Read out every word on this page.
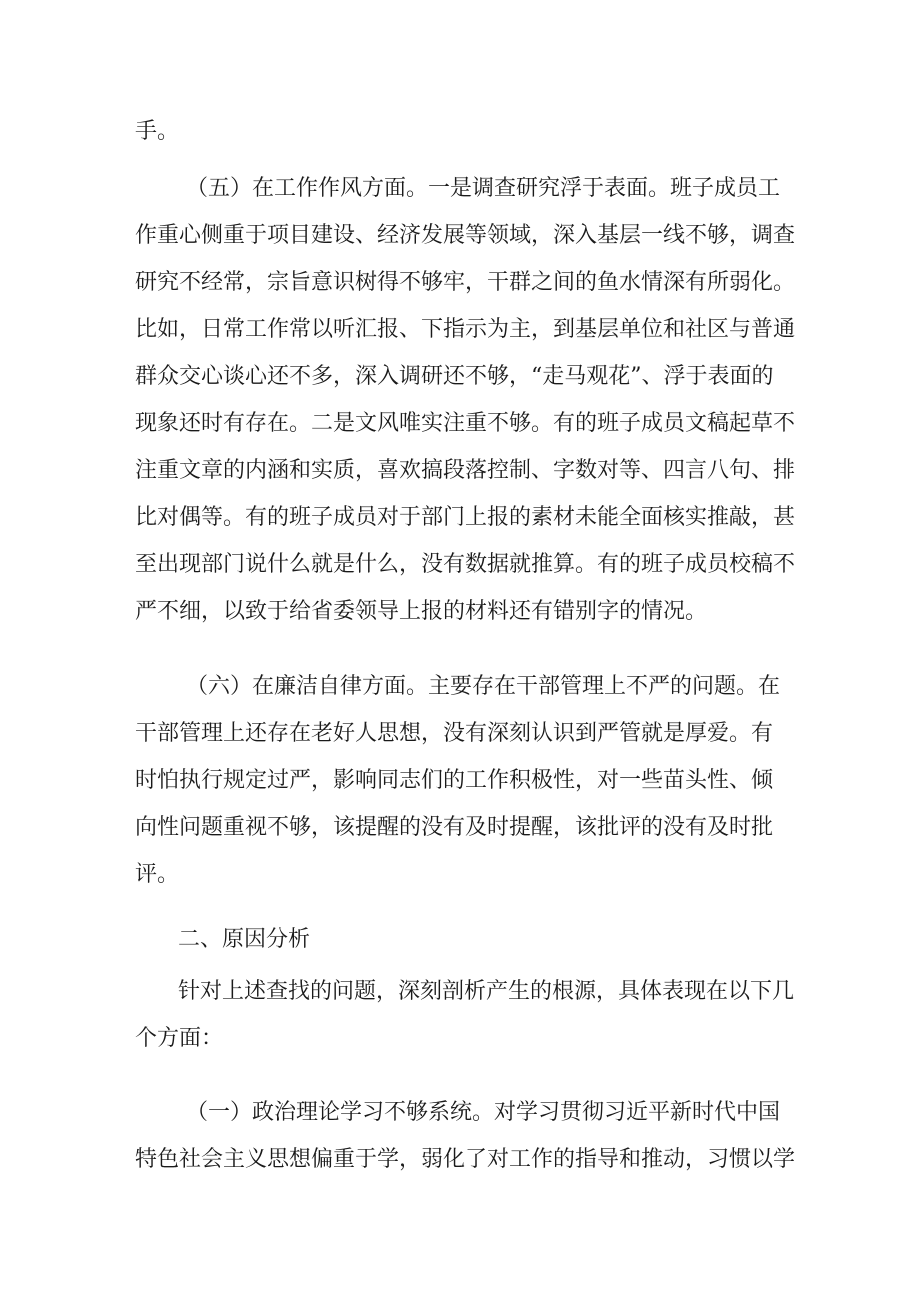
手。
（五）在工作作风方面。一是调查研究浮于表面。班子成员工
作重心侧重于项目建设、经济发展等领域，深入基层一线不够，调查
研究不经常，宗旨意识树得不够牢，干群之间的鱼水情深有所弱化。
比如，日常工作常以听汇报、下指示为主，到基层单位和社区与普通
群众交心谈心还不多，深入调研还不够，“走马观花”、浮于表面的
现象还时有存在。二是文风唯实注重不够。有的班子成员文稿起草不
注重文章的内涵和实质，喜欢搞段落控制、字数对等、四言八句、排
比对偶等。有的班子成员对于部门上报的素材未能全面核实推敲，甚
至出现部门说什么就是什么，没有数据就推算。有的班子成员校稿不
严不细，以致于给省委领导上报的材料还有错别字的情况。
（六）在廉洁自律方面。主要存在干部管理上不严的问题。在
干部管理上还存在老好人思想，没有深刻认识到严管就是厚爱。有
时怕执行规定过严，影响同志们的工作积极性，对一些苗头性、倾
向性问题重视不够，该提醒的没有及时提醒，该批评的没有及时批
评。
二、原因分析
针对上述查找的问题，深刻剖析产生的根源，具体表现在以下几
个方面：
（一）政治理论学习不够系统。对学习贯彻习近平新时代中国
特色社会主义思想偏重于学，弱化了对工作的指导和推动，习惯以学
